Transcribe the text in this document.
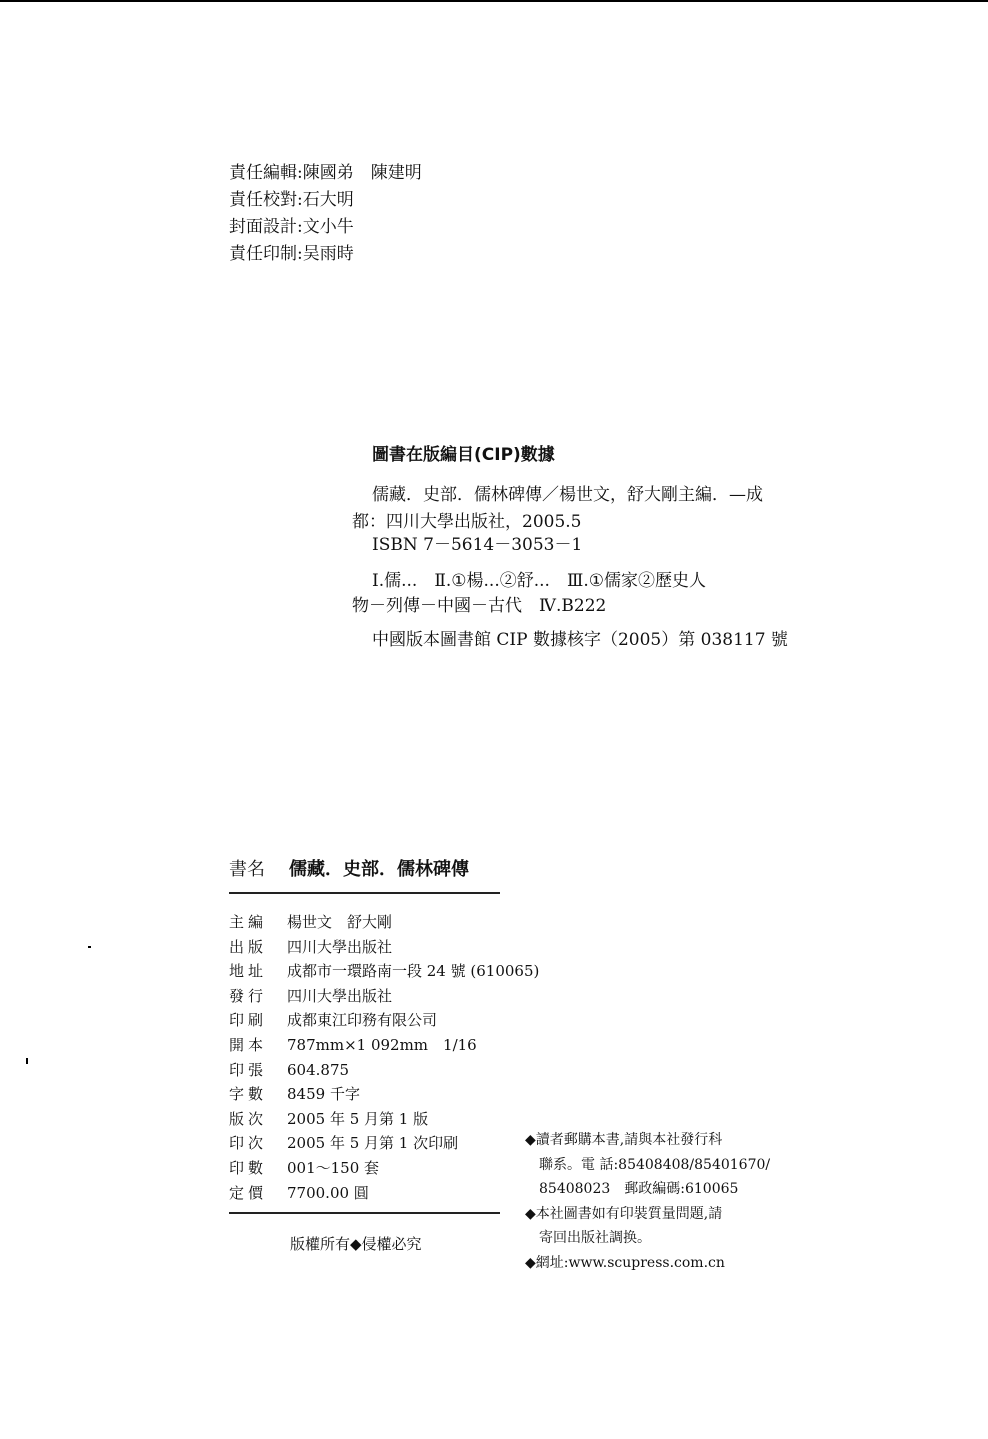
責任編輯:陳國弟　陳建明
責任校對:石大明
封面設計:文小牛
責任印制:吴雨時
圖書在版編目(CIP)數據
儒藏．史部．儒林碑傳／楊世文，舒大剛主編．—成
都：四川大學出版社，2005.5
ISBN 7－5614－3053－1
Ⅰ.儒...　Ⅱ.①楊...②舒...　Ⅲ.①儒家②歷史人
物－列傳－中國－古代　Ⅳ.B222
中國版本圖書館 CIP 數據核字（2005）第 038117 號
書名 儒藏．史部．儒林碑傳
主編 楊世文　舒大剛
出版 四川大學出版社
地址 成都市一環路南一段 24 號 (610065)
發行 四川大學出版社
印刷 成都東江印務有限公司
開本 787mm×1 092mm　1/16
印張 604.875
字數 8459 千字
版次 2005 年 5 月第 1 版
印次 2005 年 5 月第 1 次印刷
印數 001～150 套
定價 7700.00 圓
版權所有◆侵權必究
◆讀者郵購本書,請與本社發行科
　聯系。電 話:85408408/85401670/
　85408023　郵政編碼:610065
◆本社圖書如有印裝質量問題,請
　寄回出版社調换。
◆網址:www.scupress.com.cn
